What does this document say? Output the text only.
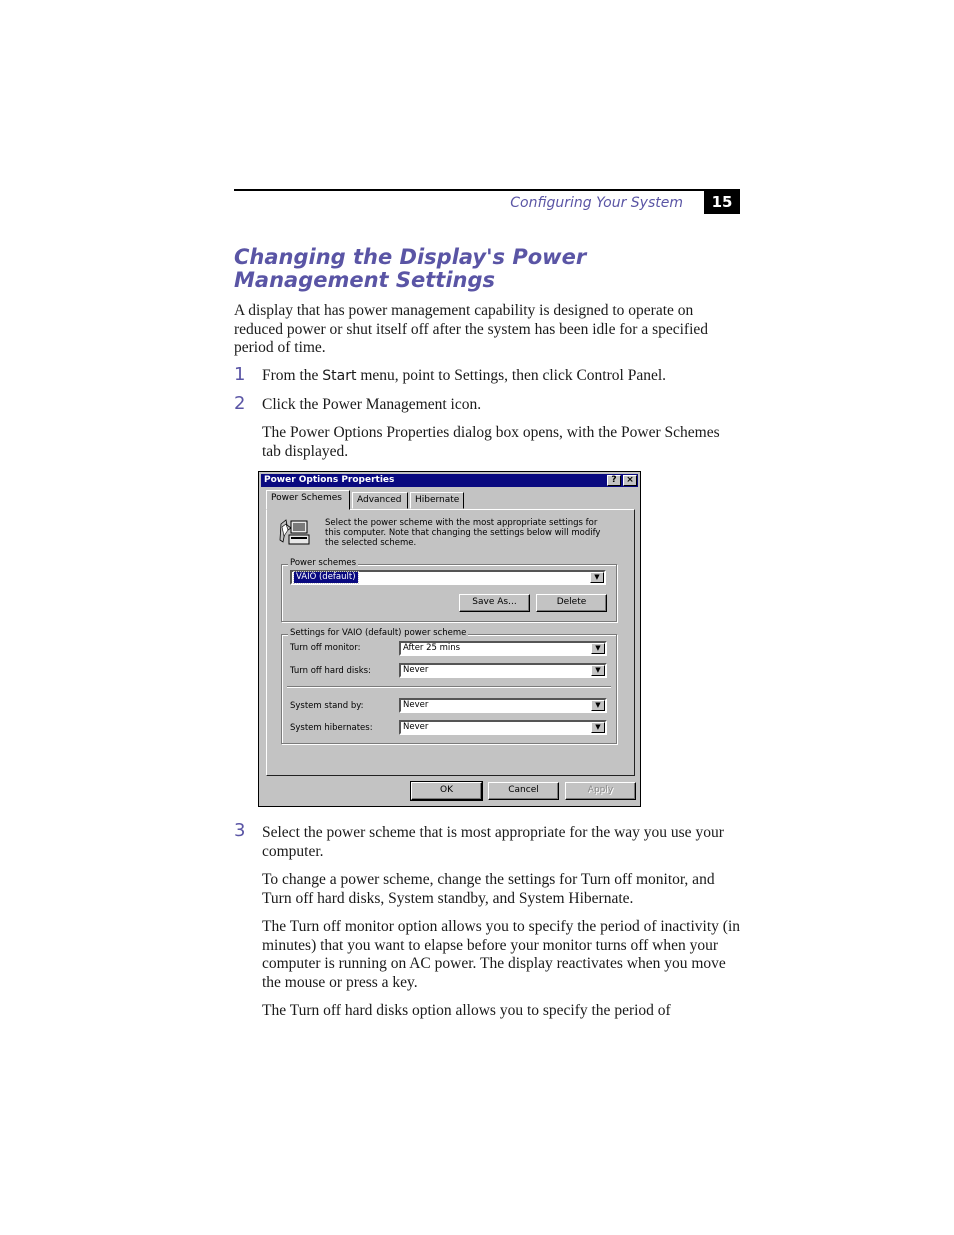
Configuring Your System	15
Changing the Display's Power Management Settings

A display that has power management capability is designed to operate on reduced power or shut itself off after the system has been idle for a specified period of time.

1 From the Start menu, point to Settings, then click Control Panel.

2 Click the Power Management icon.

The Power Options Properties dialog box opens, with the Power Schemes tab displayed.

Power Options Properties	?	×
Power Schemes	Advanced	Hibernate
Select the power scheme with the most appropriate settings for this computer. Note that changing the settings below will modify the selected scheme.
Power schemes
VAIO (default)	▼
Save As...	Delete
Settings for VAIO (default) power scheme
Turn off monitor:	After 25 mins	▼
Turn off hard disks:	Never	▼
System stand by:	Never	▼
System hibernates:	Never	▼
OK	Cancel	Apply
3 Select the power scheme that is most appropriate for the way you use your computer.

To change a power scheme, change the settings for Turn off monitor, and Turn off hard disks, System standby, and System Hibernate.

The Turn off monitor option allows you to specify the period of inactivity (in minutes) that you want to elapse before your monitor turns off when your computer is running on AC power. The display reactivates when you move the mouse or press a key.

The Turn off hard disks option allows you to specify the period of
